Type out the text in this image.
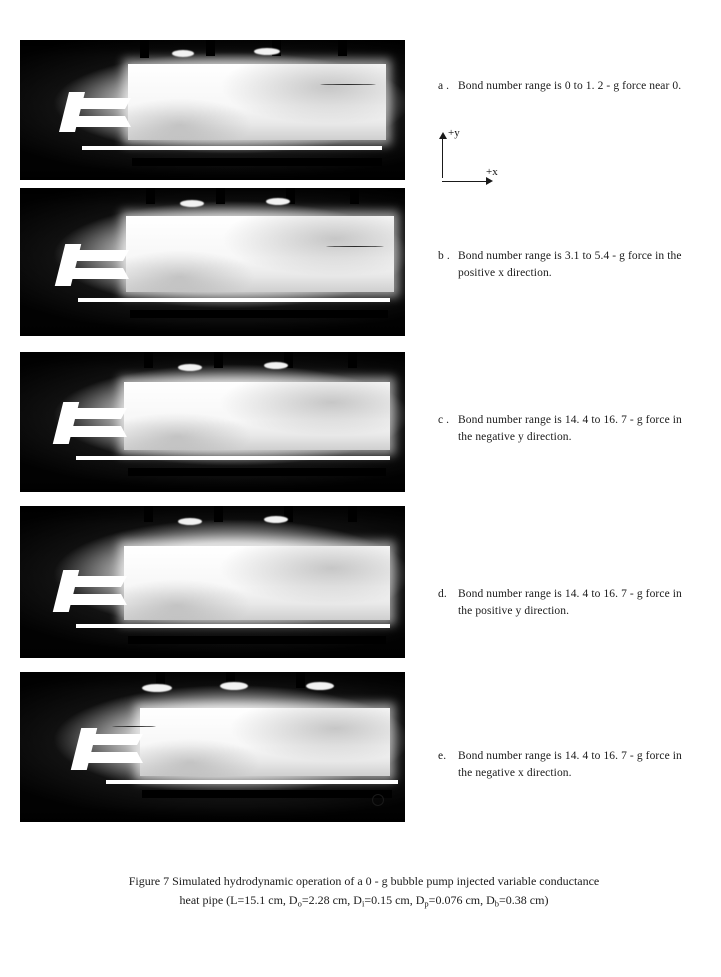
a . Bond number range is 0 to 1. 2 - g force near 0.
+y
+x
b . Bond number range is 3.1 to 5.4 - g force in the positive x direction.
c . Bond number range is 14. 4 to 16. 7 - g force in the negative y direction.
d. Bond number range is 14. 4 to 16. 7 - g force in the positive y direction.
e. Bond number range is 14. 4 to 16. 7 - g force in the negative x direction.
Figure 7 Simulated hydrodynamic operation of a 0 - g bubble pump injected variable conductance
heat pipe (L=15.1 cm, $D_o=2.28$ cm, $D_i=0.15$ cm, $D_p=0.076$ cm, $D_b=0.38$ cm)
